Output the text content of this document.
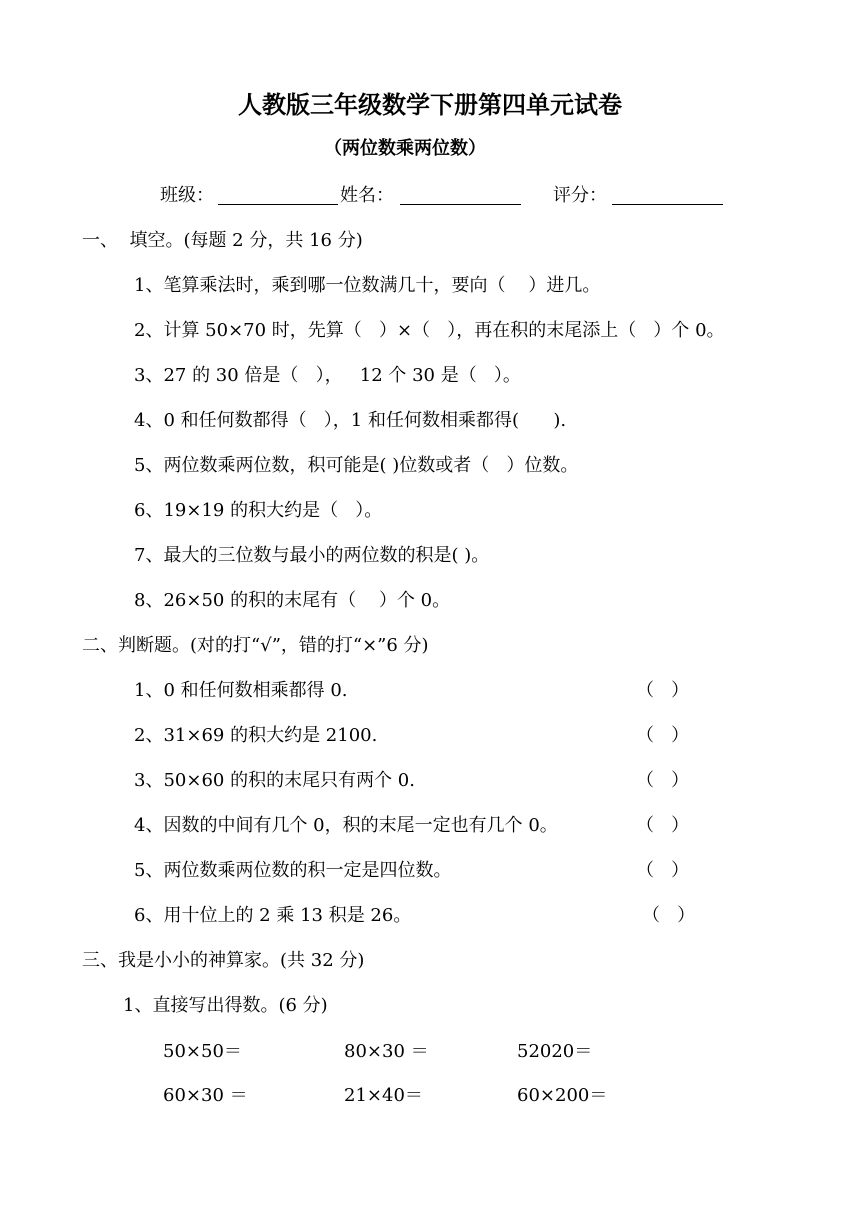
人教版三年级数学下册第四单元试卷
（两位数乘两位数）
班级：	姓名：	评分：
一、  填空。(每题 2 分，共 16 分)
1、笔算乘法时，乘到哪一位数满几十，要向（    ）进几。
2、计算 50×70 时，先算（   ）×（   ），再在积的末尾添上（   ）个 0。
3、27 的 30 倍是（   ），   12 个 30 是（   ）。
4、0 和任何数都得（   ），1 和任何数相乘都得(      ).
5、两位数乘两位数，积可能是( )位数或者（   ）位数。
6、19×19 的积大约是（   ）。
7、最大的三位数与最小的两位数的积是( )。
8、26×50 的积的末尾有（    ）个 0。
二、判断题。(对的打“√”，错的打“×”6 分)
1、0 和任何数相乘都得 0.	（   ）
2、31×69 的积大约是 2100.	（   ）
3、50×60 的积的末尾只有两个 0.	（   ）
4、因数的中间有几个 0，积的末尾一定也有几个 0。	（   ）
5、两位数乘两位数的积一定是四位数。	（   ）
6、用十位上的 2 乘 13 积是 26。	（   ）
三、我是小小的神算家。(共 32 分)
1、直接写出得数。(6 分)
50×50＝	80×30 ＝	52020＝
60×30 ＝	21×40＝	60×200＝
